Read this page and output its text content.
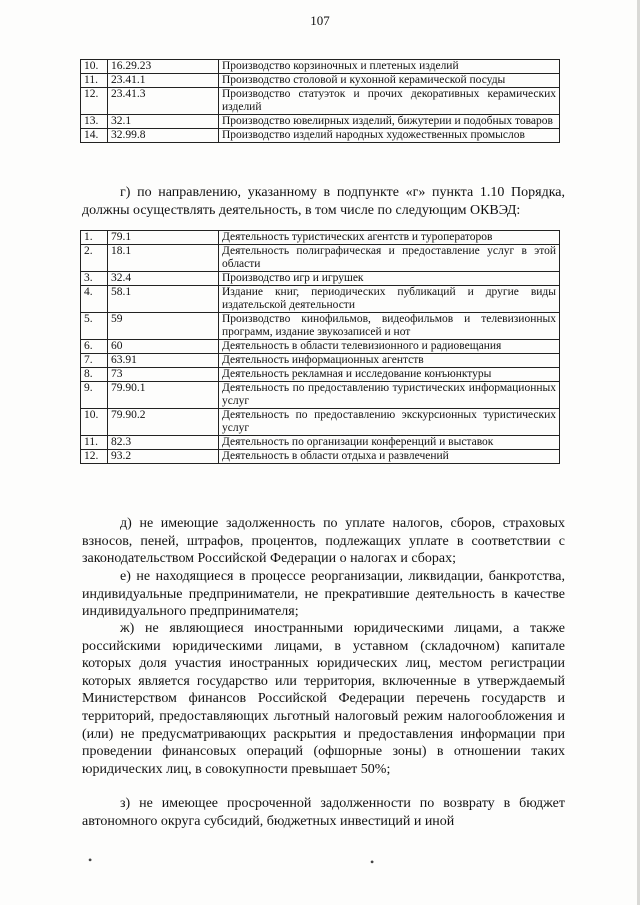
107
10.	16.29.23	Производство корзиночных и плетеных изделий
11.	23.41.1	Производство столовой и кухонной керамической посуды
12.	23.41.3	Производство статуэток и прочих декоративных керамических изделий
13.	32.1	Производство ювелирных изделий, бижутерии и подобных товаров
14.	32.99.8	Производство изделий народных художественных промыслов

г) по направлению, указанному в подпункте «г» пункта 1.10 Порядка, должны осуществлять деятельность, в том числе по следующим ОКВЭД:

1.	79.1	Деятельность туристических агентств и туроператоров
2.	18.1	Деятельность полиграфическая и предоставление услуг в этой области
3.	32.4	Производство игр и игрушек
4.	58.1	Издание книг, периодических публикаций и другие виды издательской деятельности
5.	59	Производство кинофильмов, видеофильмов и телевизионных программ, издание звукозаписей и нот
6.	60	Деятельность в области телевизионного и радиовещания
7.	63.91	Деятельность информационных агентств
8.	73	Деятельность рекламная и исследование конъюнктуры
9.	79.90.1	Деятельность по предоставлению туристических информационных услуг
10.	79.90.2	Деятельность по предоставлению экскурсионных туристических услуг
11.	82.3	Деятельность по организации конференций и выставок
12.	93.2	Деятельность в области отдыха и развлечений

д) не имеющие задолженность по уплате налогов, сборов, страховых взносов, пеней, штрафов, процентов, подлежащих уплате в соответствии с законодательством Российской Федерации о налогах и сборах;

е) не находящиеся в процессе реорганизации, ликвидации, банкротства, индивидуальные предприниматели, не прекратившие деятельность в качестве индивидуального предпринимателя;

ж) не являющиеся иностранными юридическими лицами, а также российскими юридическими лицами, в уставном (складочном) капитале которых доля участия иностранных юридических лиц, местом регистрации которых является государство или территория, включенные в утверждаемый Министерством финансов Российской Федерации перечень государств и территорий, предоставляющих льготный налоговый режим налогообложения и (или) не предусматривающих раскрытия и предоставления информации при проведении финансовых операций (офшорные зоны) в отношении таких юридических лиц, в совокупности превышает 50%;

з) не имеющее просроченной задолженности по возврату в бюджет автономного округа субсидий, бюджетных инвестиций и иной

•	•
